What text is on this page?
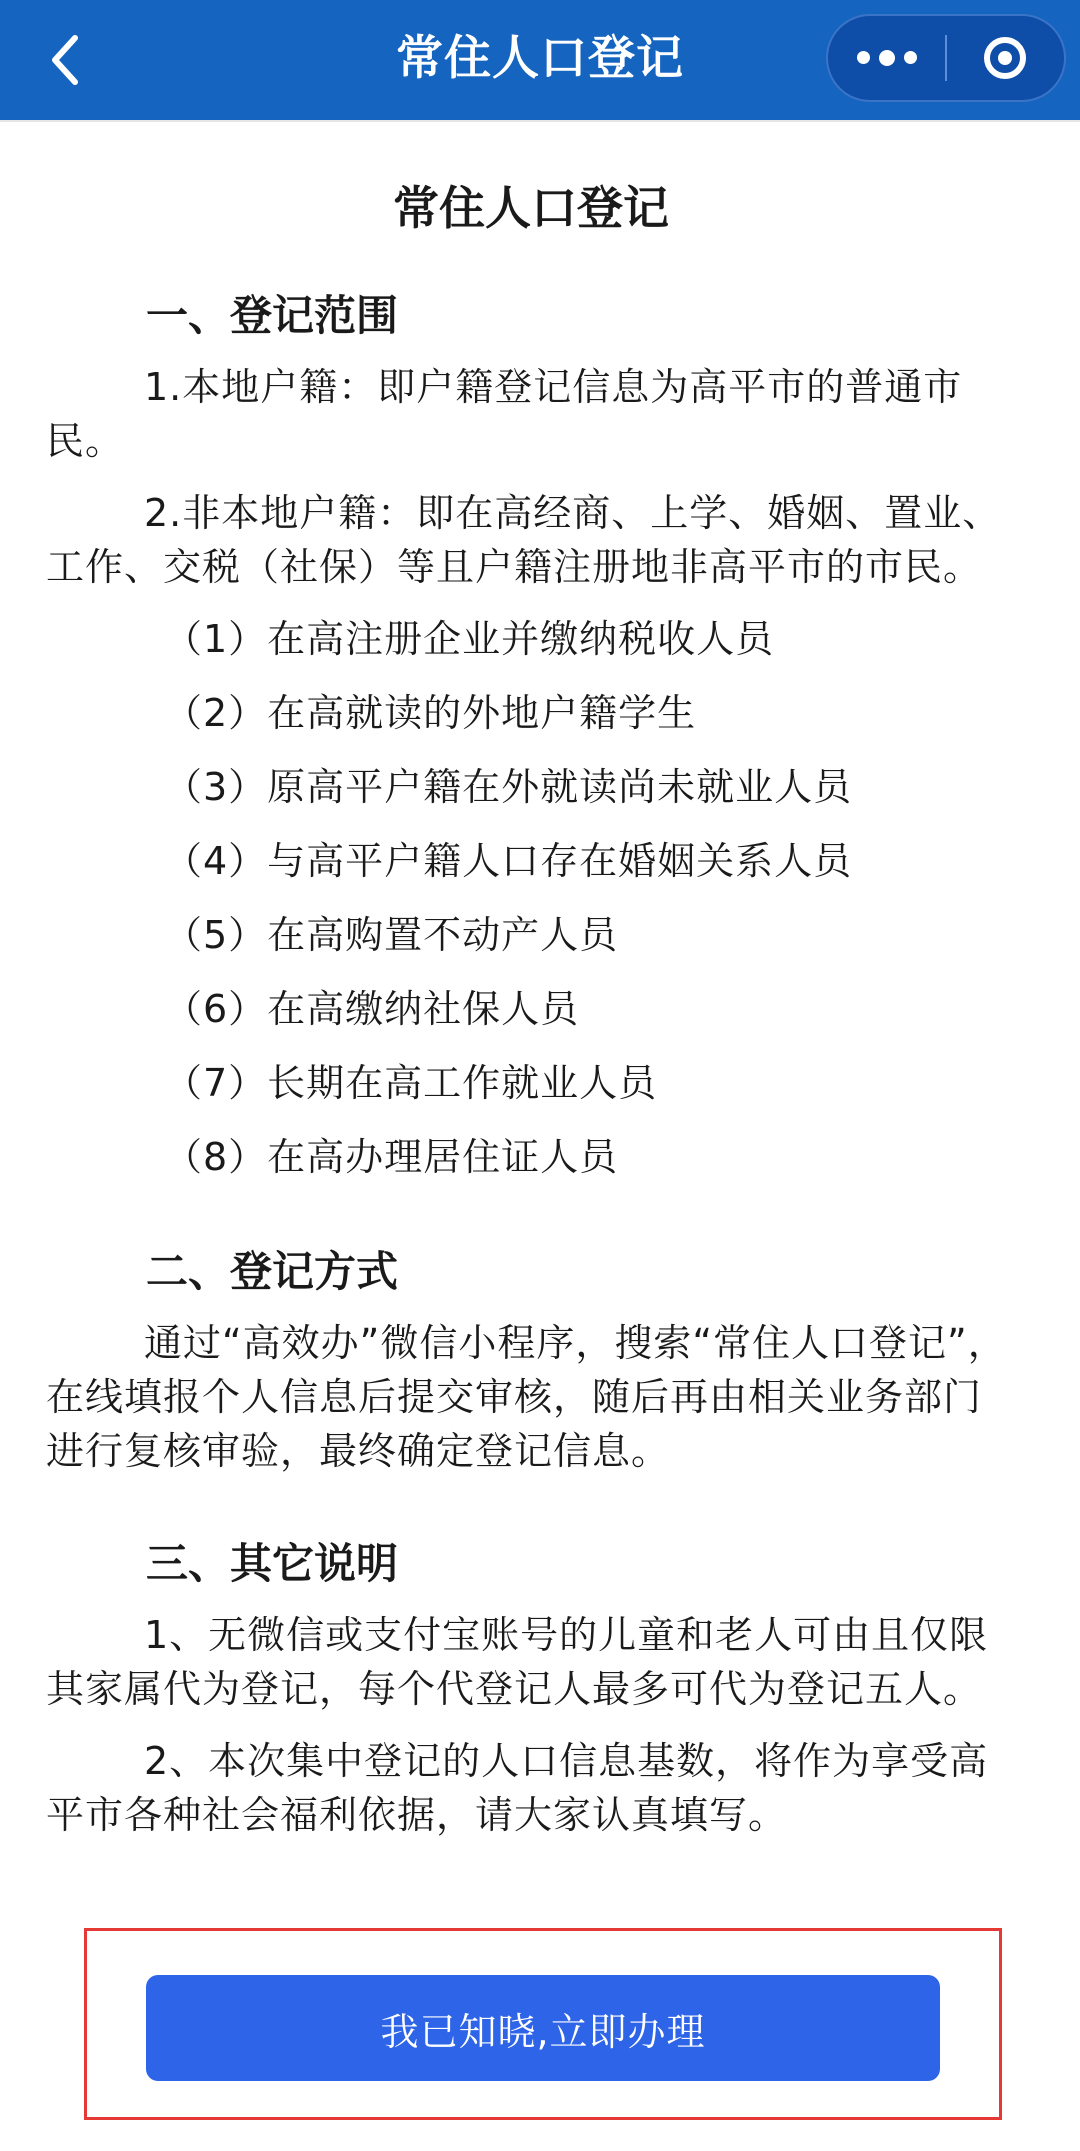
常住人口登记
常住人口登记
一、登记范围

1.本地户籍：即户籍登记信息为高平市的普通市民。

2.非本地户籍：即在高经商、上学、婚姻、置业、工作、交税（社保）等且户籍注册地非高平市的市民。

（1）在高注册企业并缴纳税收人员
（2）在高就读的外地户籍学生
（3）原高平户籍在外就读尚未就业人员
（4）与高平户籍人口存在婚姻关系人员
（5）在高购置不动产人员
（6）在高缴纳社保人员
（7）长期在高工作就业人员
（8）在高办理居住证人员
二、登记方式

通过“高效办”微信小程序，搜索“常住人口登记”，在线填报个人信息后提交审核，随后再由相关业务部门进行复核审验，最终确定登记信息。

三、其它说明

1、无微信或支付宝账号的儿童和老人可由且仅限其家属代为登记，每个代登记人最多可代为登记五人。

2、本次集中登记的人口信息基数，将作为享受高平市各种社会福利依据，请大家认真填写。

我已知晓,立即办理
